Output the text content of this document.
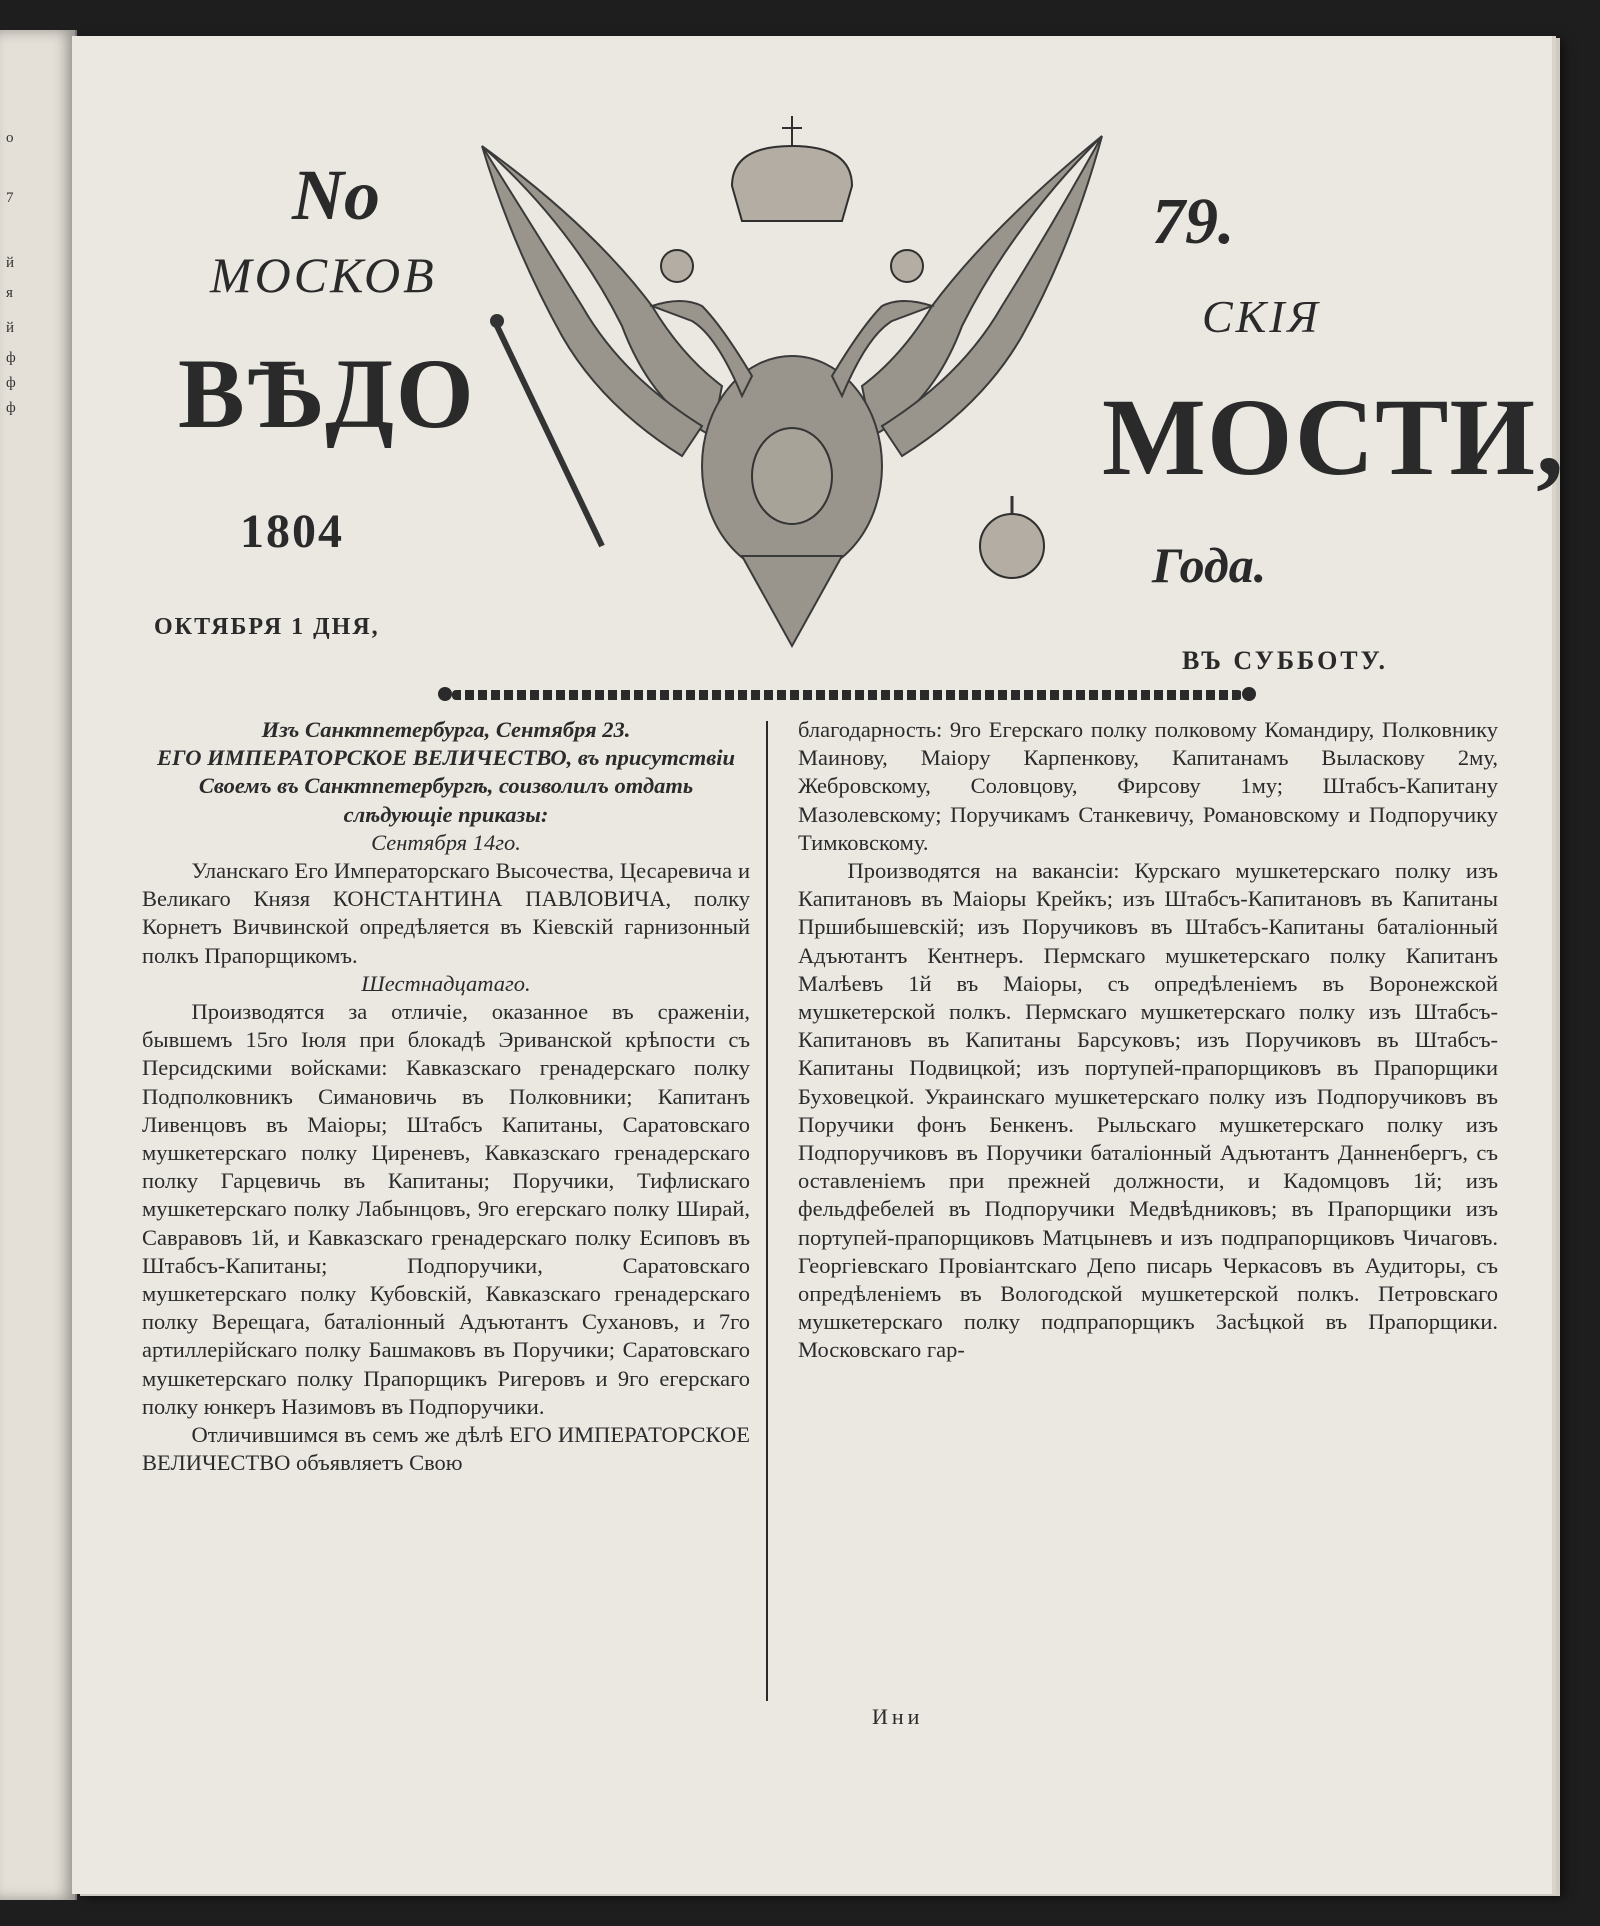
о
7
й
я
й
ф
ф
ф
No	79.
МОСКОВ
СКІЯ
ВѢДО	МОСТИ,
1804
Года.
ОКТЯБРЯ 1 ДНЯ,
ВЪ СУББОТУ.

Изъ Санктпетербурга, Сентября 23.

ЕГО ИМПЕРАТОРСКОЕ ВЕЛИЧЕСТВО, въ присутствіи Своемъ въ Санктпетербургѣ, соизволилъ отдать слѣдующіе приказы:

Сентября 14го.

Уланскаго Его Императорскаго Высочества, Цесаревича и Великаго Князя КОНСТАНТИНА ПАВЛОВИЧА, полку Корнетъ Вичвинской опредѣляется въ Кіевскій гарнизонный полкъ Прапорщикомъ.

Шестнадцатаго.

Производятся за отличіе, оказанное въ сраженіи, бывшемъ 15го Іюля при блокадѣ Эриванской крѣпости съ Персидскими войсками: Кавказскаго гренадерскаго полку Подполковникъ Симановичь въ Полковники; Капитанъ Ливенцовъ въ Маіоры; Штабсъ Капитаны, Саратовскаго мушкетерскаго полку Циреневъ, Кавказскаго гренадерскаго полку Гарцевичь въ Капитаны; Поручики, Тифлискаго мушкетерскаго полку Лабынцовъ, 9го егерскаго полку Ширай, Савравовъ 1й, и Кавказскаго гренадерскаго полку Есиповъ въ Штабсъ-Капитаны; Подпоручики, Саратовскаго мушкетерскаго полку Кубовскій, Кавказскаго гренадерскаго полку Верещага, баталіонный Адъютантъ Сухановъ, и 7го артиллерійскаго полку Башмаковъ въ Поручики; Саратовскаго мушкетерскаго полку Прапорщикъ Ригеровъ и 9го егерскаго полку юнкеръ Назимовъ въ Подпоручики.

Отличившимся въ семъ же дѣлѣ ЕГО ИМПЕРАТОРСКОЕ ВЕЛИЧЕСТВО объявляетъ Свою

благодарность: 9го Егерскаго полку полковому Командиру, Полковнику Маинову, Маіору Карпенкову, Капитанамъ Выласкову 2му, Жебровскому, Соловцову, Фирсову 1му; Штабсъ-Капитану Мазолевскому; Поручикамъ Станкевичу, Романовскому и Подпоручику Тимковскому.

Производятся на вакансіи: Курскаго мушкетерскаго полку изъ Капитановъ въ Маіоры Крейкъ; изъ Штабсъ-Капитановъ въ Капитаны Пршибышевскій; изъ Поручиковъ въ Штабсъ-Капитаны баталіонный Адъютантъ Кентнеръ. Пермскаго мушкетерскаго полку Капитанъ Малѣевъ 1й въ Маіоры, съ опредѣленіемъ въ Воронежской мушкетерской полкъ. Пермскаго мушкетерскаго полку изъ Штабсъ-Капитановъ въ Капитаны Барсуковъ; изъ Поручиковъ въ Штабсъ-Капитаны Подвицкой; изъ портупей-прапорщиковъ въ Прапорщики Буховецкой. Украинскаго мушкетерскаго полку изъ Подпоручиковъ въ Поручики фонъ Бенкенъ. Рыльскаго мушкетерскаго полку изъ Подпоручиковъ въ Поручики баталіонный Адъютантъ Данненбергъ, съ оставленіемъ при прежней должности, и Кадомцовъ 1й; изъ фельдфебелей въ Подпоручики Медвѣдниковъ; въ Прапорщики изъ портупей-прапорщиковъ Матцыневъ и изъ подпрапорщиковъ Чичаговъ. Георгіевскаго Провіантскаго Депо писарь Черкасовъ въ Аудиторы, съ опредѣленіемъ въ Вологодской мушкетерской полкъ. Петровскаго мушкетерскаго полку подпрапорщикъ Засѣцкой въ Прапорщики. Московскаго гар-

Ини
